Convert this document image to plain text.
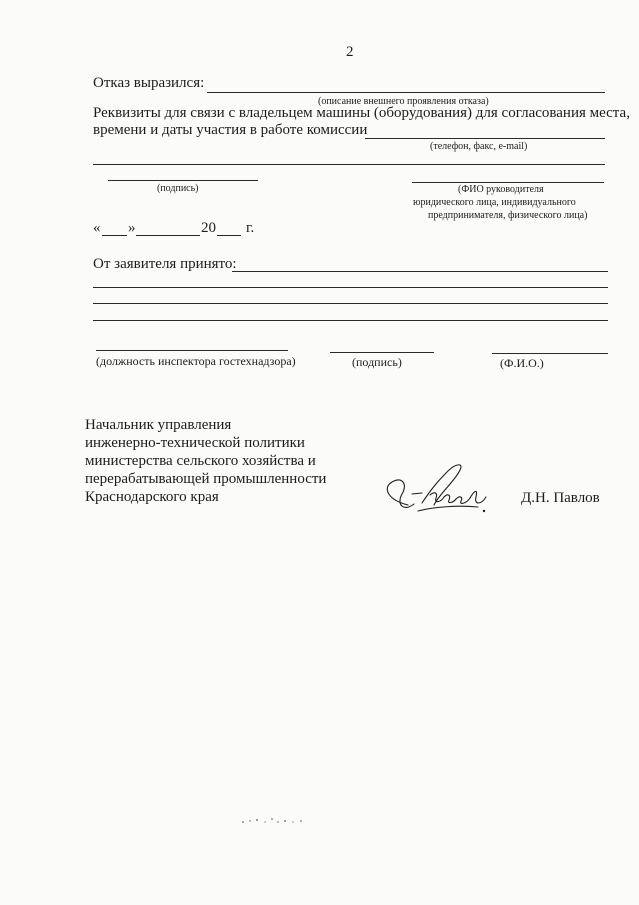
2
Отказ выразился:
(описание внешнего проявления отказа)
Реквизиты для связи с владельцем машины (оборудования) для согласования места,
времени и даты участия в работе комиссии
(телефон, факс, e-mail)
(подпись)	(ФИО руководителя
юридического лица, индивидуального
предпринимателя, физического лица)
« »	20 г.
От заявителя принято:
(должность инспектора гостехнадзора)	(подпись)	(Ф.И.О.)
Начальник управления
инженерно-технической политики
министерства сельского хозяйства и
перерабатывающей промышленности
Краснодарского края	Д.Н. Павлов
